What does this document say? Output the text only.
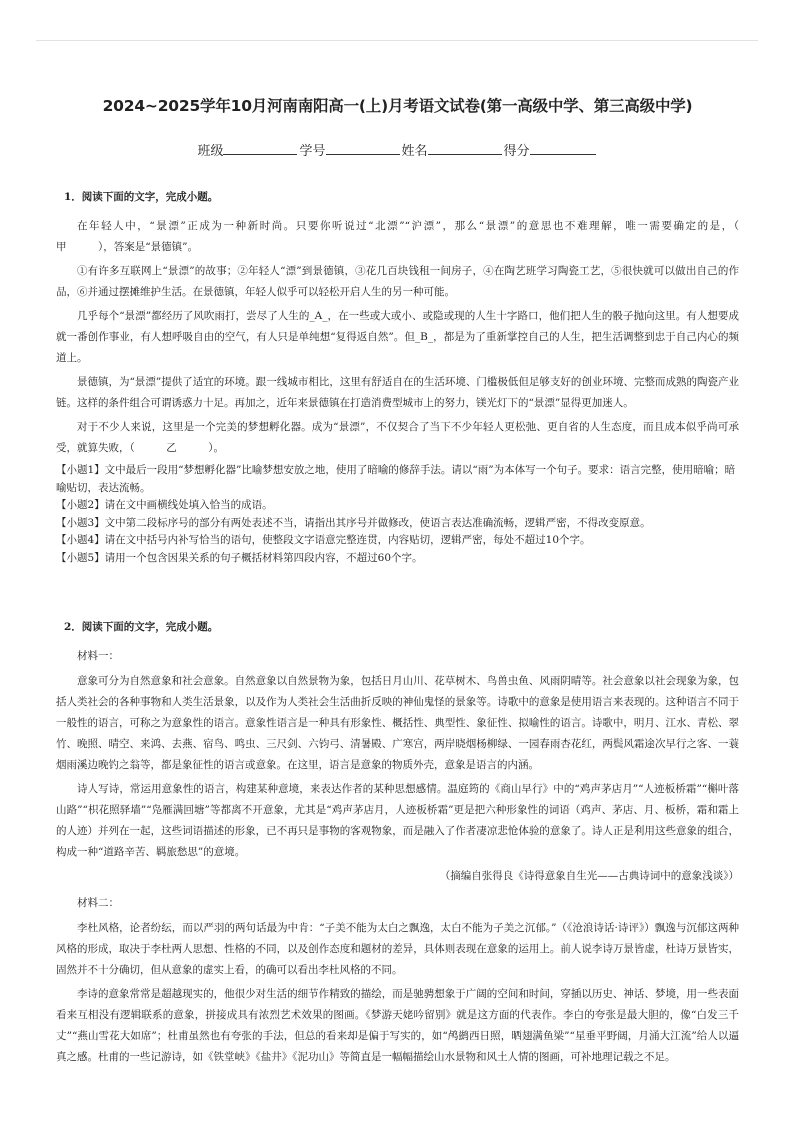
2024~2025学年10月河南南阳高一(上)月考语文试卷(第一高级中学、第三高级中学)
班级	学号	姓名	得分
1．阅读下面的文字，完成小题。

在年轻人中，“景漂”正成为一种新时尚。只要你听说过“北漂”“沪漂”，那么“景漂”的意思也不难理解，唯一需要确定的是，（　　　甲　　　），答案是“景德镇”。

①有许多互联网上“景漂”的故事；②年轻人“漂”到景德镇，③花几百块钱租一间房子，④在陶艺班学习陶瓷工艺，⑤很快就可以做出自己的作品，⑥并通过摆摊维护生活。在景德镇，年轻人似乎可以轻松开启人生的另一种可能。

几乎每个“景漂”都经历了风吹雨打，尝尽了人生的_A_，在一些或大或小、或隐或现的人生十字路口，他们把人生的骰子抛向这里。有人想要成就一番创作事业，有人想呼吸自由的空气，有人只是单纯想“复得返自然”。但_B_，都是为了重新掌控自己的人生，把生活调整到忠于自己内心的频道上。

景德镇，为“景漂”提供了适宜的环境。跟一线城市相比，这里有舒适自在的生活环境、门槛极低但足够支好的创业环境、完整而成熟的陶瓷产业链。这样的条件组合可谓诱惑力十足。再加之，近年来景德镇在打造消费型城市上的努力，镁光灯下的“景漂”显得更加迷人。

对于不少人来说，这里是一个完美的梦想孵化器。成为“景漂”，不仅契合了当下不少年轻人更松弛、更自省的人生态度，而且成本似乎尚可承受，就算失败，（　　　乙　　　）。

【小题1】文中最后一段用“梦想孵化器”比喻梦想安放之地，使用了暗喻的修辞手法。请以“雨”为本体写一个句子。要求：语言完整，使用暗喻；暗喻贴切，表达流畅。
【小题2】请在文中画横线处填入恰当的成语。
【小题3】文中第二段标序号的部分有两处表述不当，请指出其序号并做修改，使语言表达准确流畅，逻辑严密，不得改变原意。
【小题4】请在文中括号内补写恰当的语句，使整段文字语意完整连贯，内容贴切，逻辑严密，每处不超过10个字。
【小题5】请用一个包含因果关系的句子概括材料第四段内容，不超过60个字。
2．阅读下面的文字，完成小题。
材料一：

意象可分为自然意象和社会意象。自然意象以自然景物为象，包括日月山川、花草树木、鸟兽虫鱼、风雨阴晴等。社会意象以社会现象为象，包括人类社会的各种事物和人类生活景象，以及作为人类社会生活曲折反映的神仙鬼怪的景象等。诗歌中的意象是使用语言来表现的。这种语言不同于一般性的语言，可称之为意象性的语言。意象性语言是一种具有形象性、概括性、典型性、象征性、拟喻性的语言。诗歌中，明月、江水、青松、翠竹、晚照、晴空、来鸿、去燕、宿鸟、鸣虫、三尺剑、六钧弓、清暑殿、广寒宫，两岸晓烟杨柳绿、一园春雨杏花红，两鬓风霜途次早行之客、一蓑烟雨溪边晚钓之翁等，都是象征性的语言或意象。在这里，语言是意象的物质外壳，意象是语言的内涵。

诗人写诗，常运用意象性的语言，构建某种意境，来表达作者的某种思想感情。温庭筠的《商山早行》中的“鸡声茅店月”“人迹板桥霜”“槲叶落山路”“枳花照驿墙”“凫雁满回塘”等都离不开意象，尤其是“鸡声茅店月，人迹板桥霜”更是把六种形象性的词语（鸡声、茅店、月、板桥，霜和霜上的人迹）并列在一起，这些词语描述的形象，已不再只是事物的客观物象，而是融入了作者凄凉悲怆体验的意象了。诗人正是利用这些意象的组合，构成一种“道路辛苦、羁旅愁思”的意境。

（摘编自张得良《诗得意象自生光——古典诗词中的意象浅谈》）
材料二：

李杜风格，论者纷纭，而以严羽的两句话最为中肯：“子美不能为太白之飘逸，太白不能为子美之沉郁。”（《沧浪诗话·诗评》）飘逸与沉郁这两种风格的形成，取决于李杜两人思想、性格的不同，以及创作态度和题材的差异，具体则表现在意象的运用上。前人说李诗万景皆虚，杜诗万景皆实，固然并不十分确切，但从意象的虚实上看，的确可以看出李杜风格的不同。

李诗的意象常常是超越现实的，他很少对生活的细节作精致的描绘，而是驰骋想象于广阔的空间和时间，穿插以历史、神话、梦境，用一些表面看来互相没有逻辑联系的意象，拼接成具有浓烈艺术效果的图画。《梦游天姥吟留别》就是这方面的代表作。李白的夸张是最大胆的，像“白发三千丈”“燕山雪花大如席”；杜甫虽然也有夸张的手法，但总的看来却是偏于写实的，如“鸬鹚西日照，晒翅满鱼梁”“星垂平野阔，月涌大江流”给人以逼真之感。杜甫的一些记游诗，如《铁堂峡》《盐井》《泥功山》等简直是一幅幅描绘山水景物和风土人情的图画，可补地理记载之不足。
